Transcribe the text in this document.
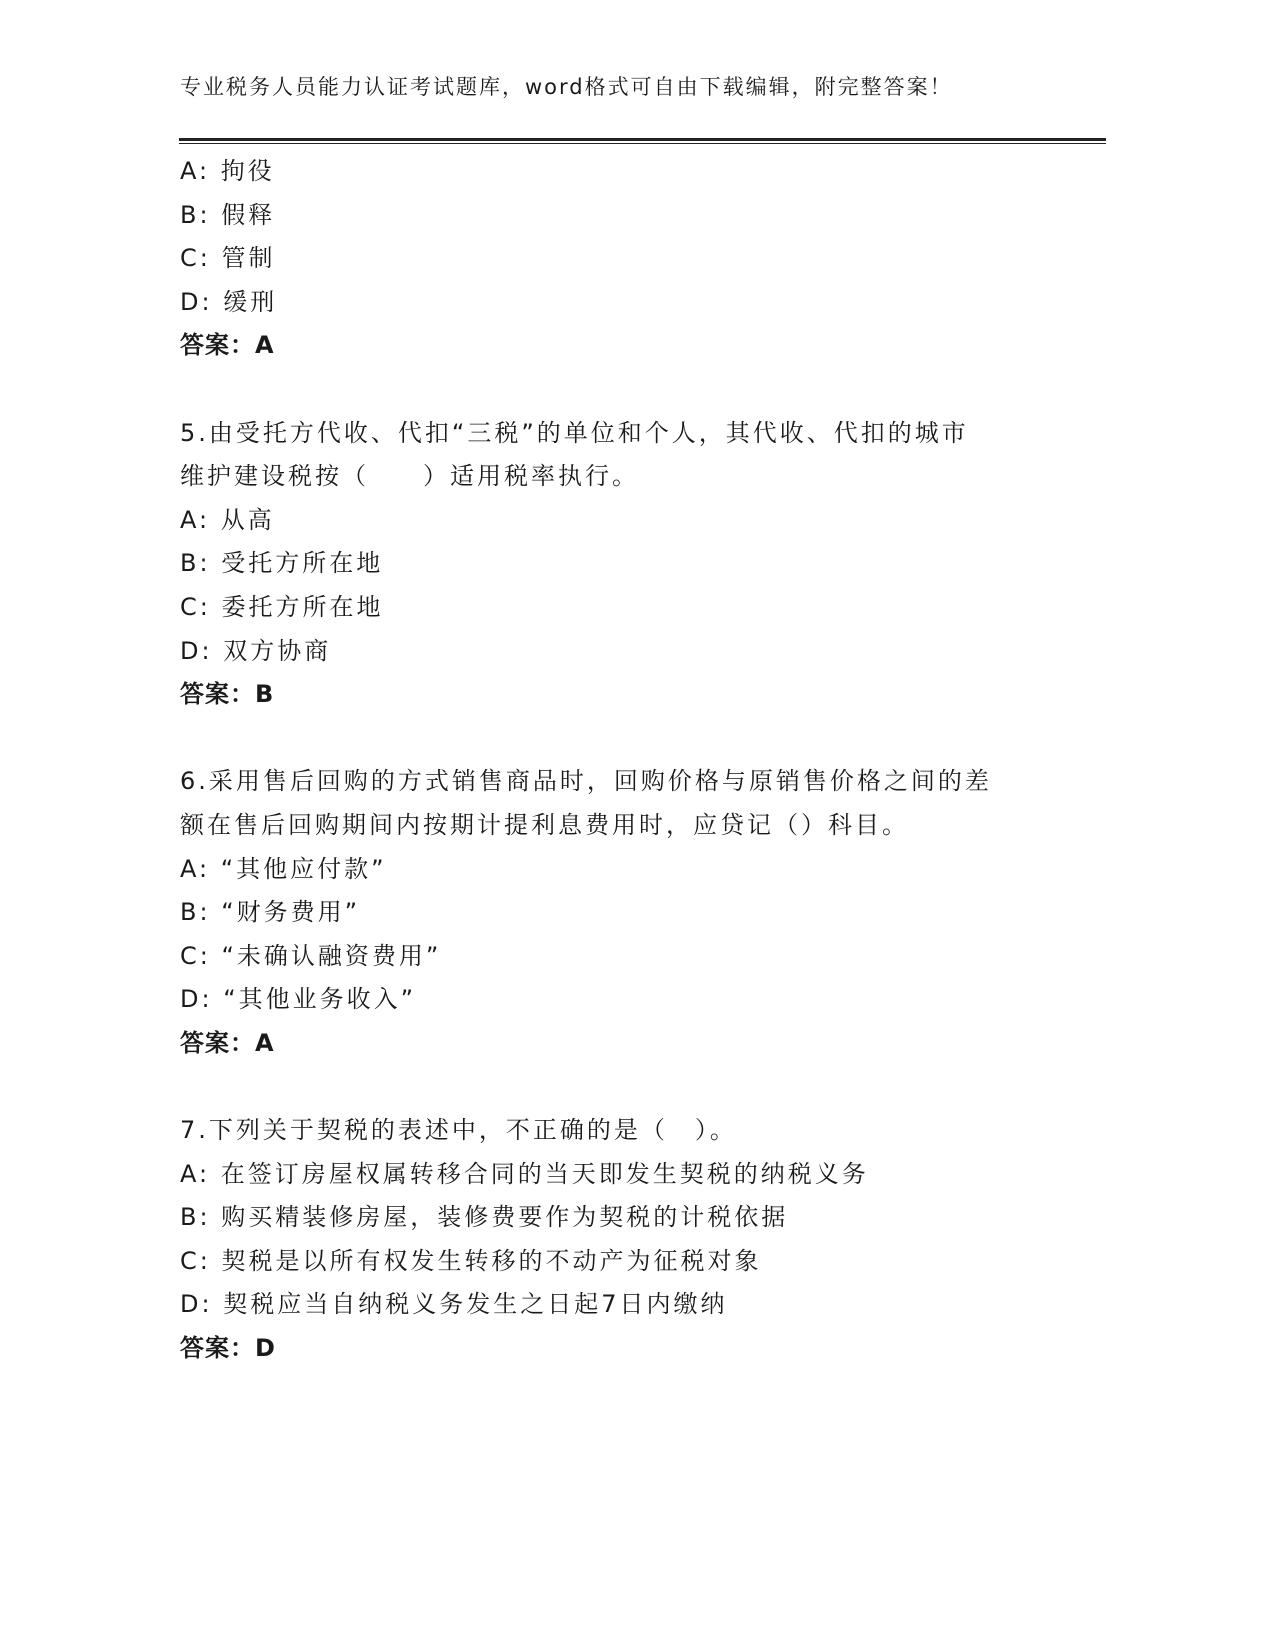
专业税务人员能力认证考试题库，word格式可自由下载编辑，附完整答案！
A: 拘役
B: 假释
C: 管制
D: 缓刑
答案：A
5.由受托方代收、代扣“三税”的单位和个人，其代收、代扣的城市
维护建设税按（　　）适用税率执行。
A: 从高
B: 受托方所在地
C: 委托方所在地
D: 双方协商
答案：B
6.采用售后回购的方式销售商品时，回购价格与原销售价格之间的差
额在售后回购期间内按期计提利息费用时，应贷记（）科目。
A: “其他应付款”
B: “财务费用”
C: “未确认融资费用”
D: “其他业务收入”
答案：A
7.下列关于契税的表述中，不正确的是（　）。
A: 在签订房屋权属转移合同的当天即发生契税的纳税义务
B: 购买精装修房屋，装修费要作为契税的计税依据
C: 契税是以所有权发生转移的不动产为征税对象
D: 契税应当自纳税义务发生之日起7日内缴纳
答案：D
